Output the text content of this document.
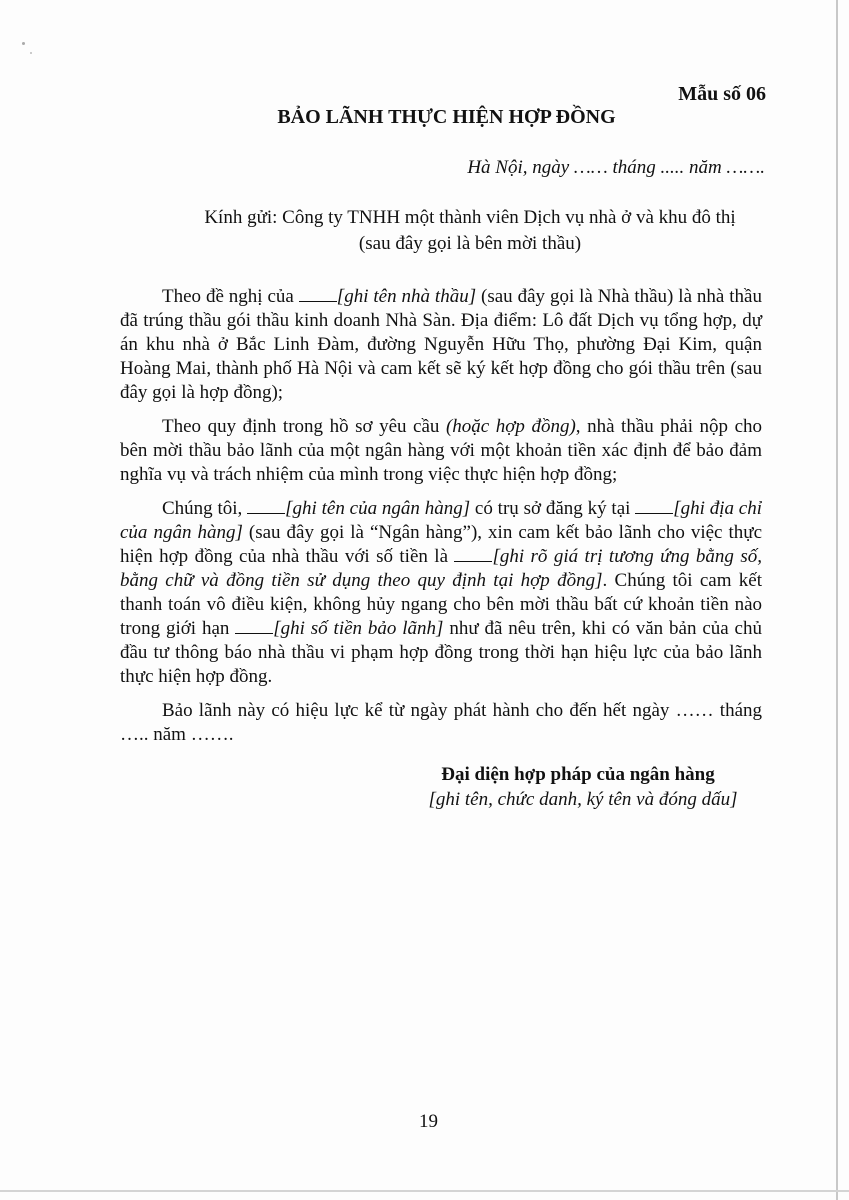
Mẫu số 06
BẢO LÃNH THỰC HIỆN HỢP ĐỒNG
Hà Nội, ngày …… tháng ..... năm …….
Kính gửi: Công ty TNHH một thành viên Dịch vụ nhà ở và khu đô thị
(sau đây gọi là bên mời thầu)

Theo đề nghị của [ghi tên nhà thầu] (sau đây gọi là Nhà thầu) là nhà thầu đã trúng thầu gói thầu kinh doanh Nhà Sàn. Địa điểm: Lô đất Dịch vụ tổng hợp, dự án khu nhà ở Bắc Linh Đàm, đường Nguyễn Hữu Thọ, phường Đại Kim, quận Hoàng Mai, thành phố Hà Nội và cam kết sẽ ký kết hợp đồng cho gói thầu trên (sau đây gọi là hợp đồng);

Theo quy định trong hồ sơ yêu cầu (hoặc hợp đồng), nhà thầu phải nộp cho bên mời thầu bảo lãnh của một ngân hàng với một khoản tiền xác định để bảo đảm nghĩa vụ và trách nhiệm của mình trong việc thực hiện hợp đồng;

Chúng tôi, [ghi tên của ngân hàng] có trụ sở đăng ký tại [ghi địa chỉ của ngân hàng] (sau đây gọi là “Ngân hàng”), xin cam kết bảo lãnh cho việc thực hiện hợp đồng của nhà thầu với số tiền là [ghi rõ giá trị tương ứng bằng số, bằng chữ và đồng tiền sử dụng theo quy định tại hợp đồng]. Chúng tôi cam kết thanh toán vô điều kiện, không hủy ngang cho bên mời thầu bất cứ khoản tiền nào trong giới hạn [ghi số tiền bảo lãnh] như đã nêu trên, khi có văn bản của chủ đầu tư thông báo nhà thầu vi phạm hợp đồng trong thời hạn hiệu lực của bảo lãnh thực hiện hợp đồng.

Bảo lãnh này có hiệu lực kể từ ngày phát hành cho đến hết ngày …… tháng ….. năm …….

Đại diện hợp pháp của ngân hàng
[ghi tên, chức danh, ký tên và đóng dấu]
19
